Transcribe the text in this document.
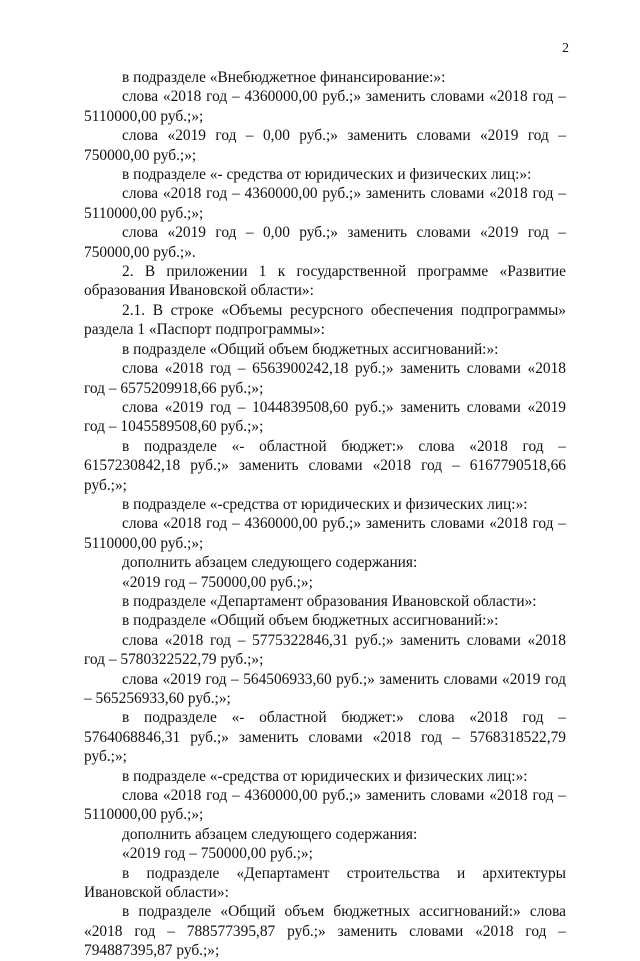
2

в подразделе «Внебюджетное финансирование:»:

слова «2018 год – 4360000,00 руб.;» заменить словами «2018 год – 5110000,00 руб.;»;

слова «2019 год – 0,00 руб.;» заменить словами «2019 год – 750000,00 руб.;»;

в подразделе «- средства от юридических и физических лиц:»:

слова «2018 год – 4360000,00 руб.;» заменить словами «2018 год – 5110000,00 руб.;»;

слова «2019 год – 0,00 руб.;» заменить словами «2019 год – 750000,00 руб.;».

2. В приложении 1 к государственной программе «Развитие образования Ивановской области»:

2.1. В строке «Объемы ресурсного обеспечения подпрограммы» раздела 1 «Паспорт подпрограммы»:

в подразделе «Общий объем бюджетных ассигнований:»:

слова «2018 год – 6563900242,18 руб.;» заменить словами «2018 год – 6575209918,66 руб.;»;

слова «2019 год – 1044839508,60 руб.;» заменить словами «2019 год – 1045589508,60 руб.;»;

в подразделе «- областной бюджет:» слова «2018 год – 6157230842,18 руб.;» заменить словами «2018 год – 6167790518,66 руб.;»;

в подразделе «-средства от юридических и физических лиц:»:

слова «2018 год – 4360000,00 руб.;» заменить словами «2018 год – 5110000,00 руб.;»;

дополнить абзацем следующего содержания:

«2019 год – 750000,00 руб.;»;

в подразделе «Департамент образования Ивановской области»:

в подразделе «Общий объем бюджетных ассигнований:»:

слова «2018 год – 5775322846,31 руб.;» заменить словами «2018 год – 5780322522,79 руб.;»;

слова «2019 год – 564506933,60 руб.;» заменить словами «2019 год – 565256933,60 руб.;»;

в подразделе «- областной бюджет:» слова «2018 год – 5764068846,31 руб.;» заменить словами «2018 год – 5768318522,79 руб.;»;

в подразделе «-средства от юридических и физических лиц:»:

слова «2018 год – 4360000,00 руб.;» заменить словами «2018 год – 5110000,00 руб.;»;

дополнить абзацем следующего содержания:

«2019 год – 750000,00 руб.;»;

в подразделе «Департамент строительства и архитектуры Ивановской области»:

в подразделе «Общий объем бюджетных ассигнований:» слова «2018 год – 788577395,87 руб.;» заменить словами «2018 год – 794887395,87 руб.;»;
